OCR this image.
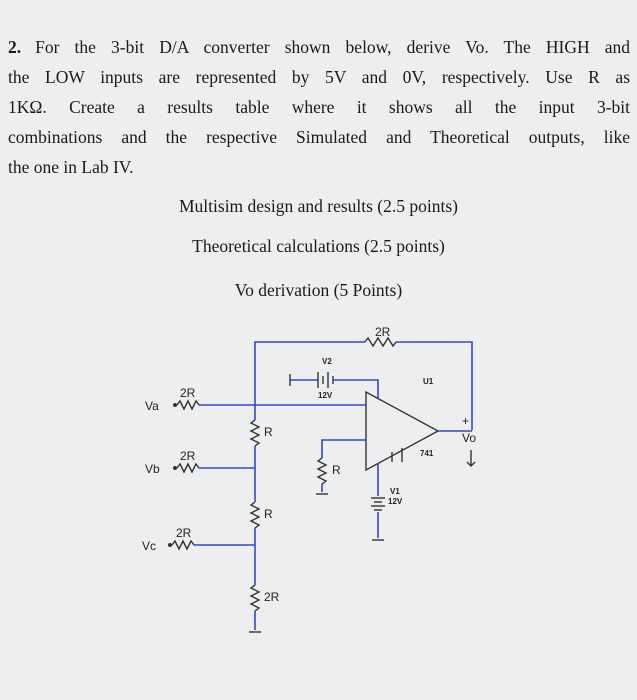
2. For the 3-bit D/A converter shown below, derive Vo. The HIGH and
the LOW inputs are represented by 5V and 0V, respectively. Use R as
1KΩ. Create a results table where it shows all the input 3-bit
combinations and the respective Simulated and Theoretical outputs, like
the one in Lab IV.
Multisim design and results (2.5 points)
Theoretical calculations (2.5 points)
Vo derivation (5 Points)
2R
V2
12V
U1
741
+
Vo
Va
2R
R
Vb
2R
R
Vc
2R
2R
R
V1
12V
